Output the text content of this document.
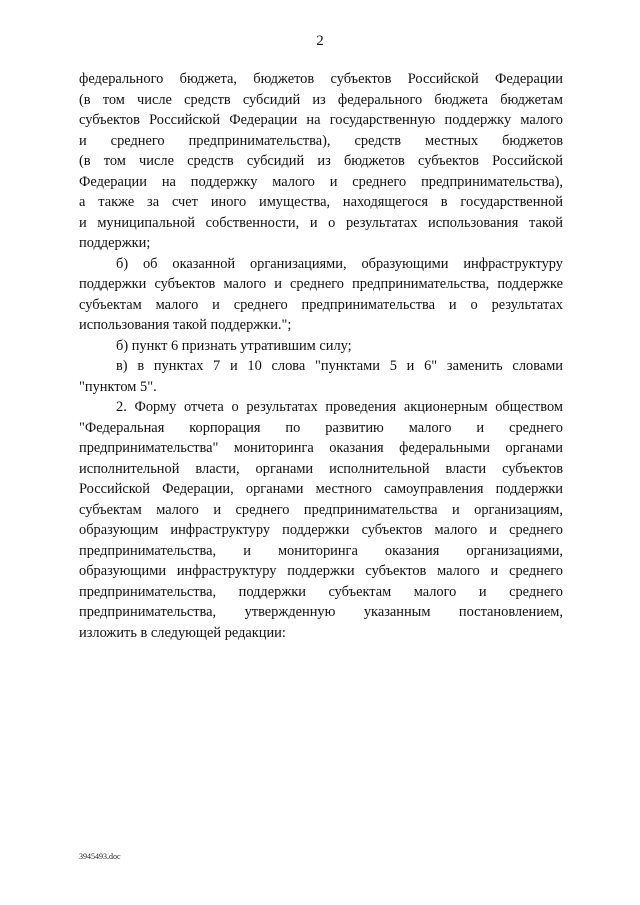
2
федерального бюджета, бюджетов субъектов Российской Федерации
(в том числе средств субсидий из федерального бюджета бюджетам
субъектов Российской Федерации на государственную поддержку малого
и среднего предпринимательства), средств местных бюджетов
(в том числе средств субсидий из бюджетов субъектов Российской
Федерации на поддержку малого и среднего предпринимательства),
а также за счет иного имущества, находящегося в государственной
и муниципальной собственности, и о результатах использования такой
поддержки;
б) об оказанной организациями, образующими инфраструктуру
поддержки субъектов малого и среднего предпринимательства, поддержке
субъектам малого и среднего предпринимательства и о результатах
использования такой поддержки.";
б) пункт 6 признать утратившим силу;
в) в пунктах 7 и 10 слова "пунктами 5 и 6" заменить словами
"пунктом 5".
2. Форму отчета о результатах проведения акционерным обществом
"Федеральная корпорация по развитию малого и среднего
предпринимательства" мониторинга оказания федеральными органами
исполнительной власти, органами исполнительной власти субъектов
Российской Федерации, органами местного самоуправления поддержки
субъектам малого и среднего предпринимательства и организациям,
образующим инфраструктуру поддержки субъектов малого и среднего
предпринимательства, и мониторинга оказания организациями,
образующими инфраструктуру поддержки субъектов малого и среднего
предпринимательства, поддержки субъектам малого и среднего
предпринимательства, утвержденную указанным постановлением,
изложить в следующей редакции:
3945493.doc
